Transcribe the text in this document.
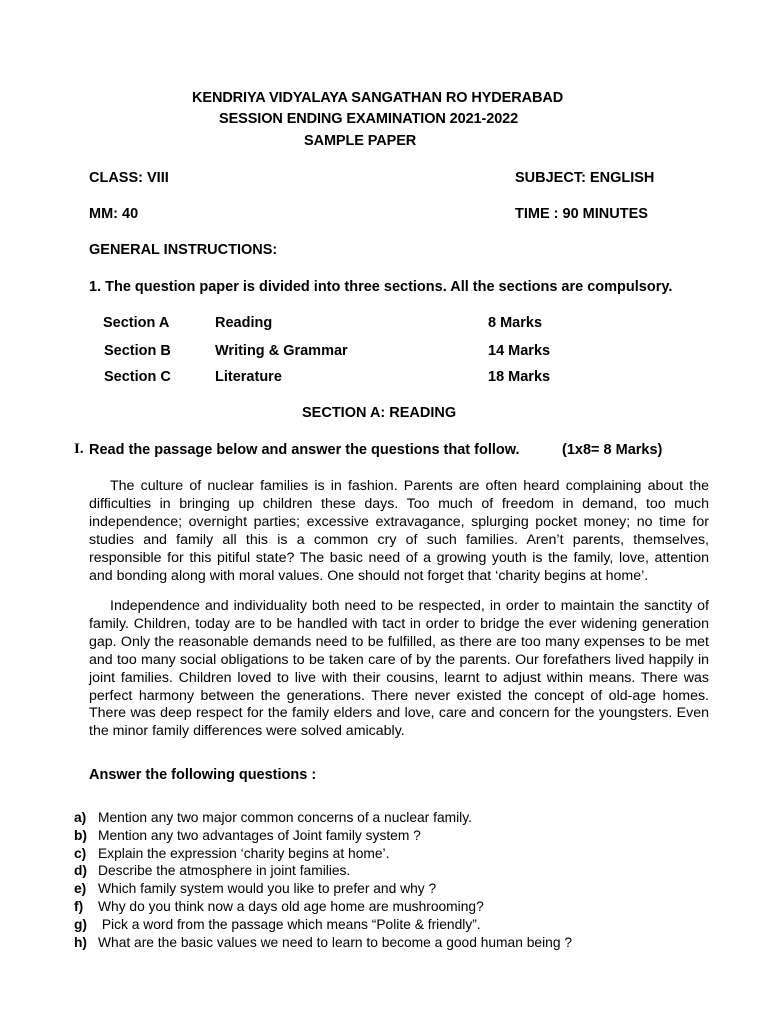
KENDRIYA VIDYALAYA SANGATHAN RO HYDERABAD
SESSION ENDING EXAMINATION 2021-2022
SAMPLE PAPER
CLASS: VIII	SUBJECT: ENGLISH
MM: 40	TIME : 90 MINUTES
GENERAL INSTRUCTIONS:
1. The question paper is divided into three sections. All the sections are compulsory.
Section A	Reading	8 Marks
Section B	Writing & Grammar	14 Marks
Section C	Literature	18 Marks
SECTION A: READING
I. Read the passage below and answer the questions that follow.	(1x8= 8 Marks)

The culture of nuclear families is in fashion. Parents are often heard complaining about the difficulties in bringing up children these days. Too much of freedom in demand, too much independence; overnight parties; excessive extravagance, splurging pocket money; no time for studies and family all this is a common cry of such families. Aren’t parents, themselves, responsible for this pitiful state? The basic need of a growing youth is the family, love, attention and bonding along with moral values. One should not forget that ‘charity begins at home’.

Independence and individuality both need to be respected, in order to maintain the sanctity of family. Children, today are to be handled with tact in order to bridge the ever widening generation gap. Only the reasonable demands need to be fulfilled, as there are too many expenses to be met and too many social obligations to be taken care of by the parents. Our forefathers lived happily in joint families. Children loved to live with their cousins, learnt to adjust within means. There was perfect harmony between the generations. There never existed the concept of old-age homes. There was deep respect for the family elders and love, care and concern for the youngsters. Even the minor family differences were solved amicably.

Answer the following questions :
a) Mention any two major common concerns of a nuclear family.
b) Mention any two advantages of Joint family system ?
c) Explain the expression ‘charity begins at home’.
d) Describe the atmosphere in joint families.
e) Which family system would you like to prefer and why ?
f) Why do you think now a days old age home are mushrooming?
g) Pick a word from the passage which means “Polite & friendly”.
h) What are the basic values we need to learn to become a good human being ?
